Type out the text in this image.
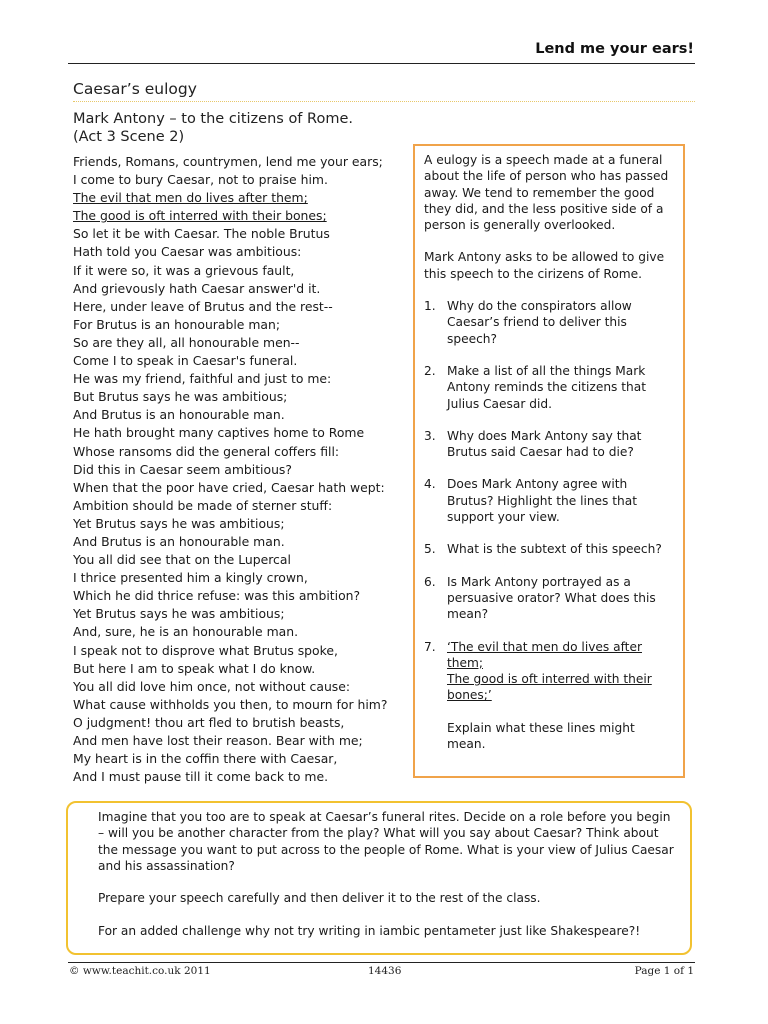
Lend me your ears!
Caesar’s eulogy
Mark Antony – to the citizens of Rome.
(Act 3 Scene 2)
Friends, Romans, countrymen, lend me your ears;
I come to bury Caesar, not to praise him.
The evil that men do lives after them;
The good is oft interred with their bones;
So let it be with Caesar. The noble Brutus
Hath told you Caesar was ambitious:
If it were so, it was a grievous fault,
And grievously hath Caesar answer'd it.
Here, under leave of Brutus and the rest--
For Brutus is an honourable man;
So are they all, all honourable men--
Come I to speak in Caesar's funeral.
He was my friend, faithful and just to me:
But Brutus says he was ambitious;
And Brutus is an honourable man.
He hath brought many captives home to Rome
Whose ransoms did the general coffers fill:
Did this in Caesar seem ambitious?
When that the poor have cried, Caesar hath wept:
Ambition should be made of sterner stuff:
Yet Brutus says he was ambitious;
And Brutus is an honourable man.
You all did see that on the Lupercal
I thrice presented him a kingly crown,
Which he did thrice refuse: was this ambition?
Yet Brutus says he was ambitious;
And, sure, he is an honourable man.
I speak not to disprove what Brutus spoke,
But here I am to speak what I do know.
You all did love him once, not without cause:
What cause withholds you then, to mourn for him?
O judgment! thou art fled to brutish beasts,
And men have lost their reason. Bear with me;
My heart is in the coffin there with Caesar,
And I must pause till it come back to me.

A eulogy is a speech made at a funeral about the life of person who has passed away. We tend to remember the good they did, and the less positive side of a person is generally overlooked.

Mark Antony asks to be allowed to give this speech to the cirizens of Rome.

1. Why do the conspirators allow Caesar’s friend to deliver this speech?
2. Make a list of all the things Mark Antony reminds the citizens that Julius Caesar did.
3. Why does Mark Antony say that Brutus said Caesar had to die?
4. Does Mark Antony agree with Brutus? Highlight the lines that support your view.
5. What is the subtext of this speech?
6. Is Mark Antony portrayed as a persuasive orator? What does this mean?
7. ‘The evil that men do lives after them;
The good is oft interred with their bones;’

Explain what these lines might mean.

Imagine that you too are to speak at Caesar’s funeral rites. Decide on a role before you begin – will you be another character from the play? What will you say about Caesar? Think about the message you want to put across to the people of Rome. What is your view of Julius Caesar and his assassination?

Prepare your speech carefully and then deliver it to the rest of the class.

For an added challenge why not try writing in iambic pentameter just like Shakespeare?!

© www.teachit.co.uk 2011	14436	Page 1 of 1
